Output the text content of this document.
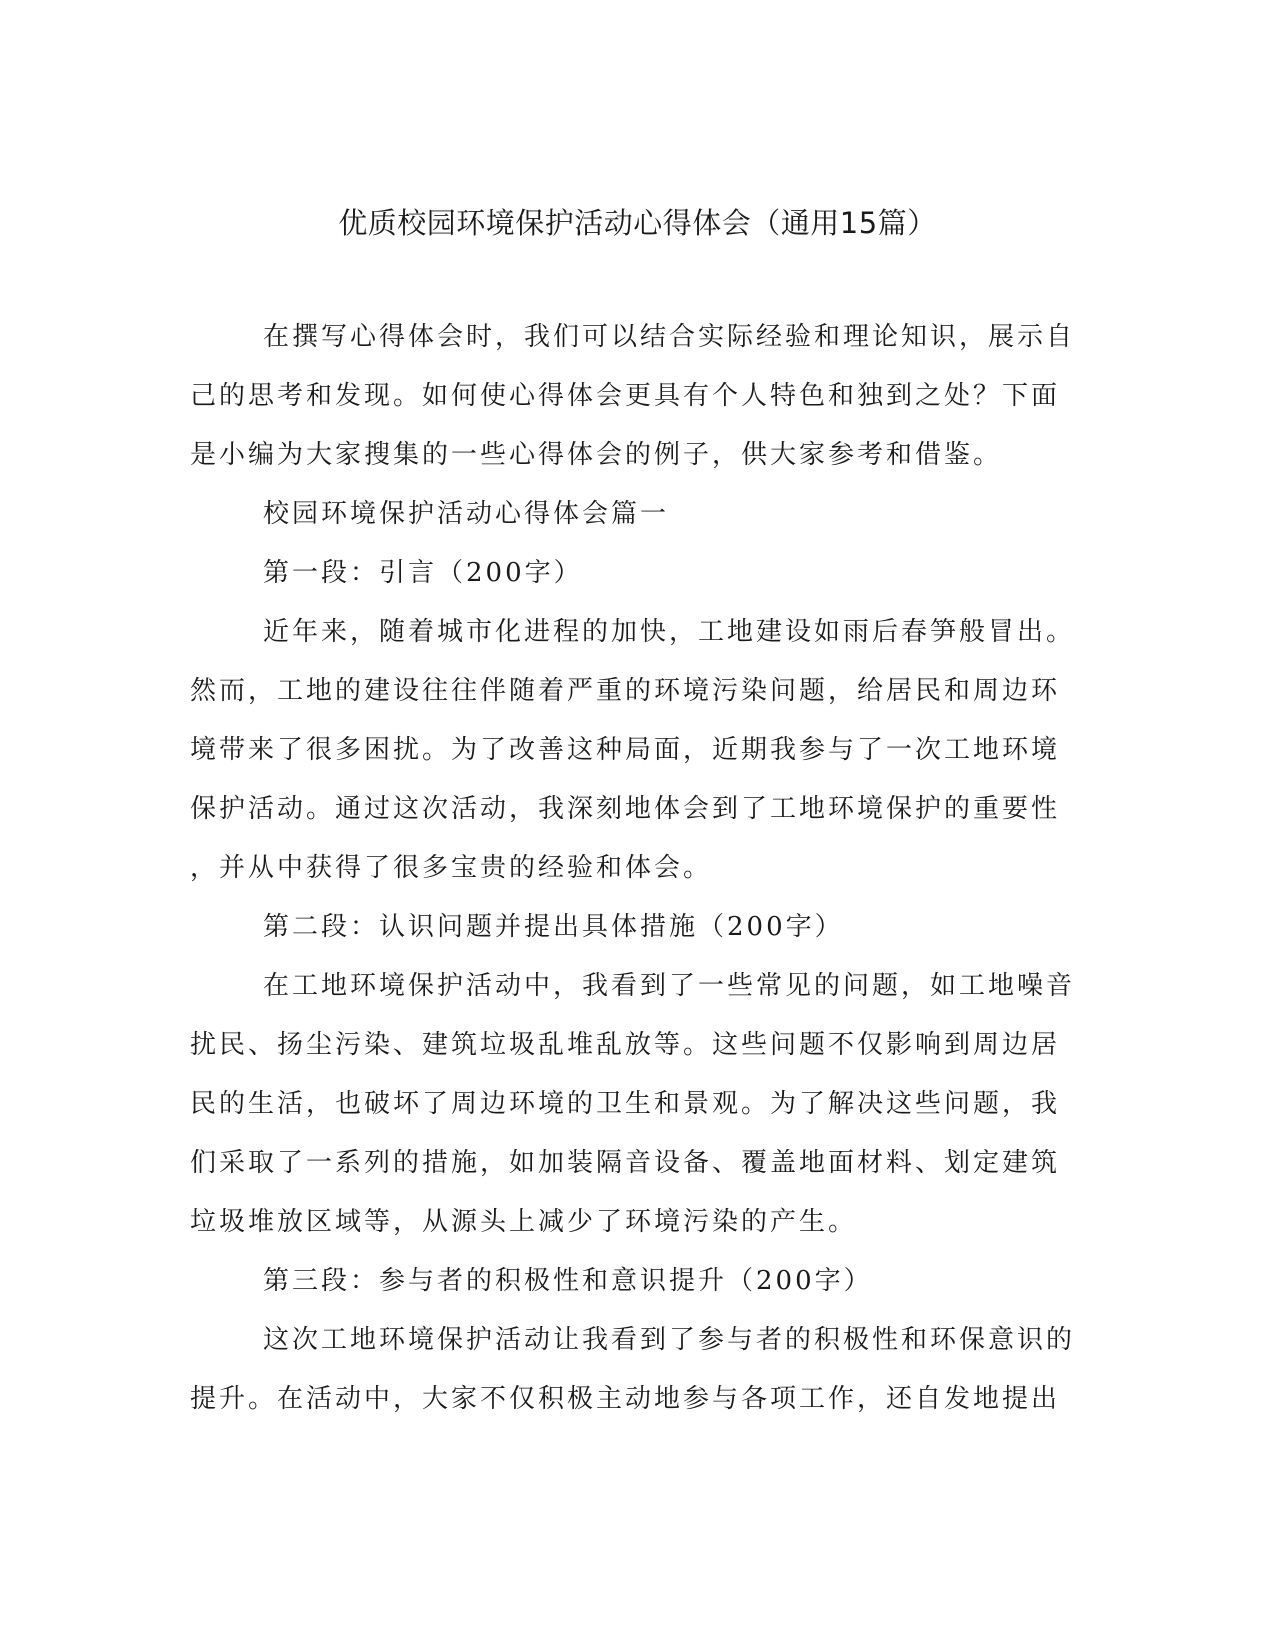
优质校园环境保护活动心得体会（通用15篇）
在撰写心得体会时，我们可以结合实际经验和理论知识，展示自
己的思考和发现。如何使心得体会更具有个人特色和独到之处？下面
是小编为大家搜集的一些心得体会的例子，供大家参考和借鉴。
校园环境保护活动心得体会篇一
第一段：引言（200字）
近年来，随着城市化进程的加快，工地建设如雨后春笋般冒出。
然而，工地的建设往往伴随着严重的环境污染问题，给居民和周边环
境带来了很多困扰。为了改善这种局面，近期我参与了一次工地环境
保护活动。通过这次活动，我深刻地体会到了工地环境保护的重要性
，并从中获得了很多宝贵的经验和体会。
第二段：认识问题并提出具体措施（200字）
在工地环境保护活动中，我看到了一些常见的问题，如工地噪音
扰民、扬尘污染、建筑垃圾乱堆乱放等。这些问题不仅影响到周边居
民的生活，也破坏了周边环境的卫生和景观。为了解决这些问题，我
们采取了一系列的措施，如加装隔音设备、覆盖地面材料、划定建筑
垃圾堆放区域等，从源头上减少了环境污染的产生。
第三段：参与者的积极性和意识提升（200字）
这次工地环境保护活动让我看到了参与者的积极性和环保意识的
提升。在活动中，大家不仅积极主动地参与各项工作，还自发地提出
